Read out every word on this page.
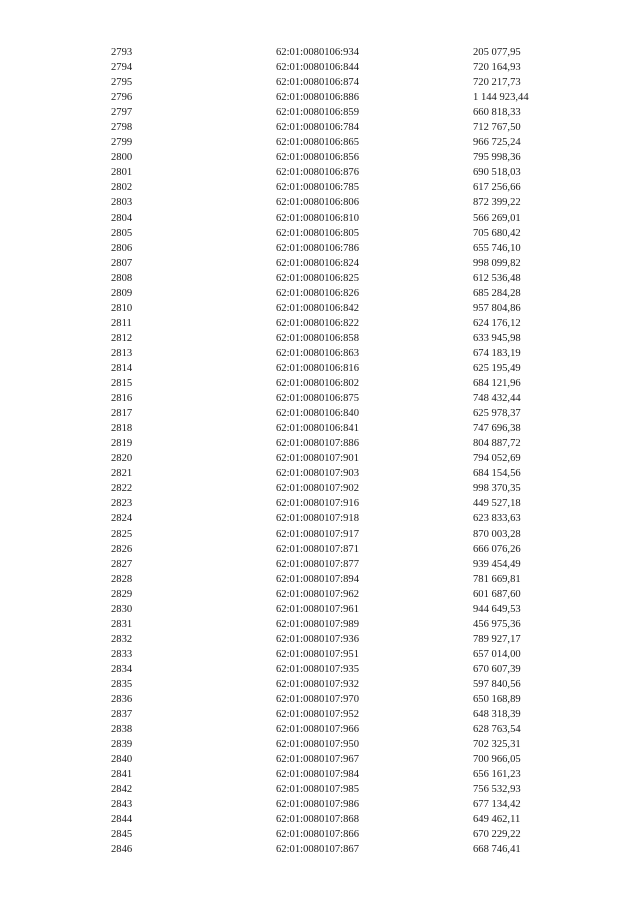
2793	62:01:0080106:934	205 077,95
2794	62:01:0080106:844	720 164,93
2795	62:01:0080106:874	720 217,73
2796	62:01:0080106:886	1 144 923,44
2797	62:01:0080106:859	660 818,33
2798	62:01:0080106:784	712 767,50
2799	62:01:0080106:865	966 725,24
2800	62:01:0080106:856	795 998,36
2801	62:01:0080106:876	690 518,03
2802	62:01:0080106:785	617 256,66
2803	62:01:0080106:806	872 399,22
2804	62:01:0080106:810	566 269,01
2805	62:01:0080106:805	705 680,42
2806	62:01:0080106:786	655 746,10
2807	62:01:0080106:824	998 099,82
2808	62:01:0080106:825	612 536,48
2809	62:01:0080106:826	685 284,28
2810	62:01:0080106:842	957 804,86
2811	62:01:0080106:822	624 176,12
2812	62:01:0080106:858	633 945,98
2813	62:01:0080106:863	674 183,19
2814	62:01:0080106:816	625 195,49
2815	62:01:0080106:802	684 121,96
2816	62:01:0080106:875	748 432,44
2817	62:01:0080106:840	625 978,37
2818	62:01:0080106:841	747 696,38
2819	62:01:0080107:886	804 887,72
2820	62:01:0080107:901	794 052,69
2821	62:01:0080107:903	684 154,56
2822	62:01:0080107:902	998 370,35
2823	62:01:0080107:916	449 527,18
2824	62:01:0080107:918	623 833,63
2825	62:01:0080107:917	870 003,28
2826	62:01:0080107:871	666 076,26
2827	62:01:0080107:877	939 454,49
2828	62:01:0080107:894	781 669,81
2829	62:01:0080107:962	601 687,60
2830	62:01:0080107:961	944 649,53
2831	62:01:0080107:989	456 975,36
2832	62:01:0080107:936	789 927,17
2833	62:01:0080107:951	657 014,00
2834	62:01:0080107:935	670 607,39
2835	62:01:0080107:932	597 840,56
2836	62:01:0080107:970	650 168,89
2837	62:01:0080107:952	648 318,39
2838	62:01:0080107:966	628 763,54
2839	62:01:0080107:950	702 325,31
2840	62:01:0080107:967	700 966,05
2841	62:01:0080107:984	656 161,23
2842	62:01:0080107:985	756 532,93
2843	62:01:0080107:986	677 134,42
2844	62:01:0080107:868	649 462,11
2845	62:01:0080107:866	670 229,22
2846	62:01:0080107:867	668 746,41
